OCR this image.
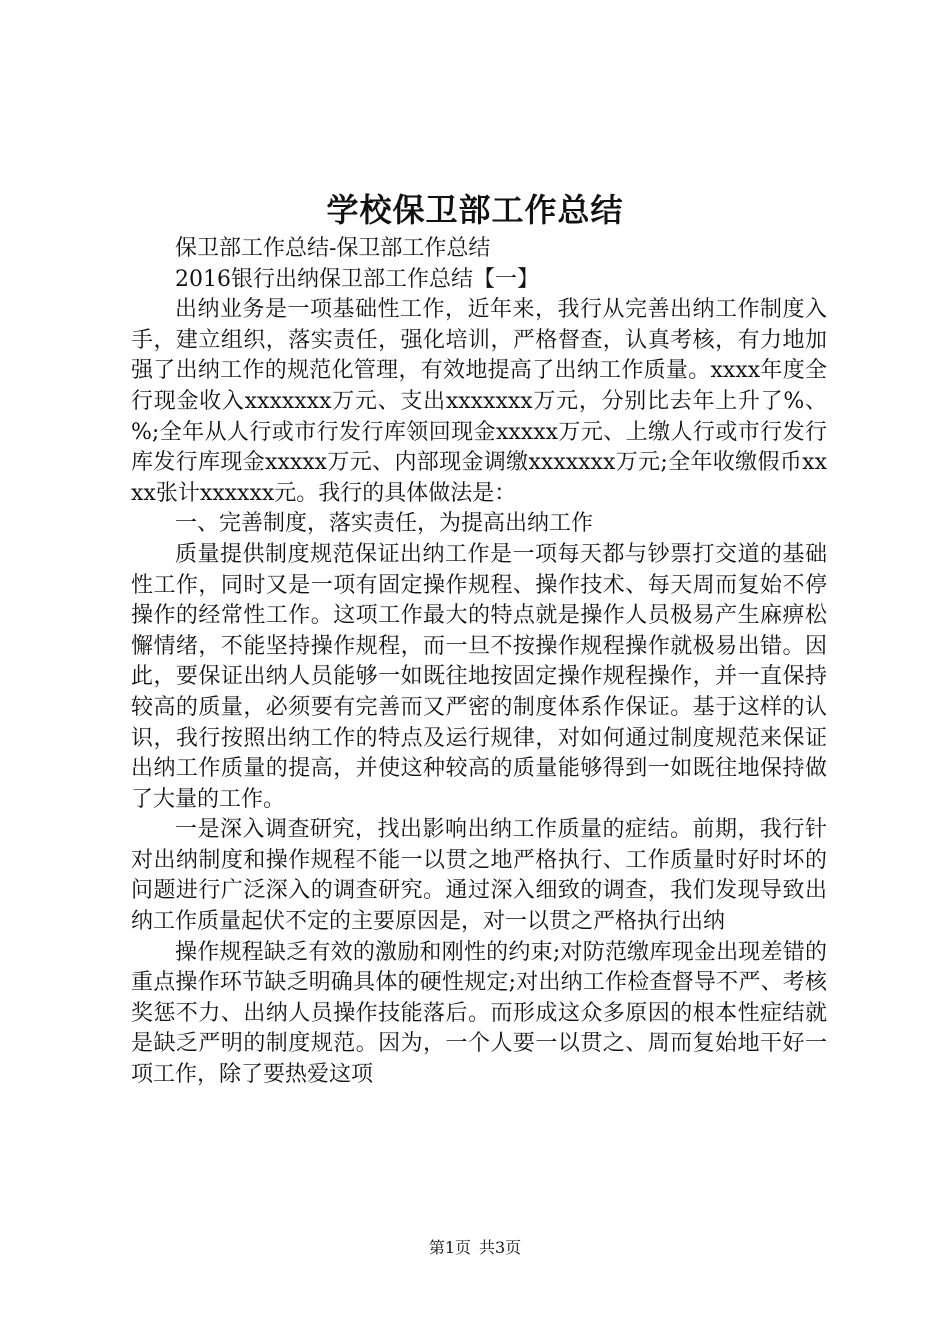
学校保卫部工作总结

保卫部工作总结-保卫部工作总结

2016银行出纳保卫部工作总结【一】

出纳业务是一项基础性工作，近年来，我行从完善出纳工作制度入手，建立组织，落实责任，强化培训，严格督查，认真考核，有力地加强了出纳工作的规范化管理，有效地提高了出纳工作质量。xxxx年度全行现金收入xxxxxxx万元、支出xxxxxxx万元，分别比去年上升了%、%;全年从人行或市行发行库领回现金xxxxx万元、上缴人行或市行发行库发行库现金xxxxx万元、内部现金调缴xxxxxxx万元;全年收缴假币xxxx张计xxxxxx元。我行的具体做法是：

一、完善制度，落实责任，为提高出纳工作

质量提供制度规范保证出纳工作是一项每天都与钞票打交道的基础性工作，同时又是一项有固定操作规程、操作技术、每天周而复始不停操作的经常性工作。这项工作最大的特点就是操作人员极易产生麻痹松懈情绪，不能坚持操作规程，而一旦不按操作规程操作就极易出错。因此，要保证出纳人员能够一如既往地按固定操作规程操作，并一直保持较高的质量，必须要有完善而又严密的制度体系作保证。基于这样的认识，我行按照出纳工作的特点及运行规律，对如何通过制度规范来保证出纳工作质量的提高，并使这种较高的质量能够得到一如既往地保持做了大量的工作。

一是深入调查研究，找出影响出纳工作质量的症结。前期，我行针对出纳制度和操作规程不能一以贯之地严格执行、工作质量时好时坏的问题进行广泛深入的调查研究。通过深入细致的调查，我们发现导致出纳工作质量起伏不定的主要原因是，对一以贯之严格执行出纳

操作规程缺乏有效的激励和刚性的约束;对防范缴库现金出现差错的重点操作环节缺乏明确具体的硬性规定;对出纳工作检查督导不严、考核奖惩不力、出纳人员操作技能落后。而形成这众多原因的根本性症结就是缺乏严明的制度规范。因为，一个人要一以贯之、周而复始地干好一项工作，除了要热爱这项

第1页 共3页
